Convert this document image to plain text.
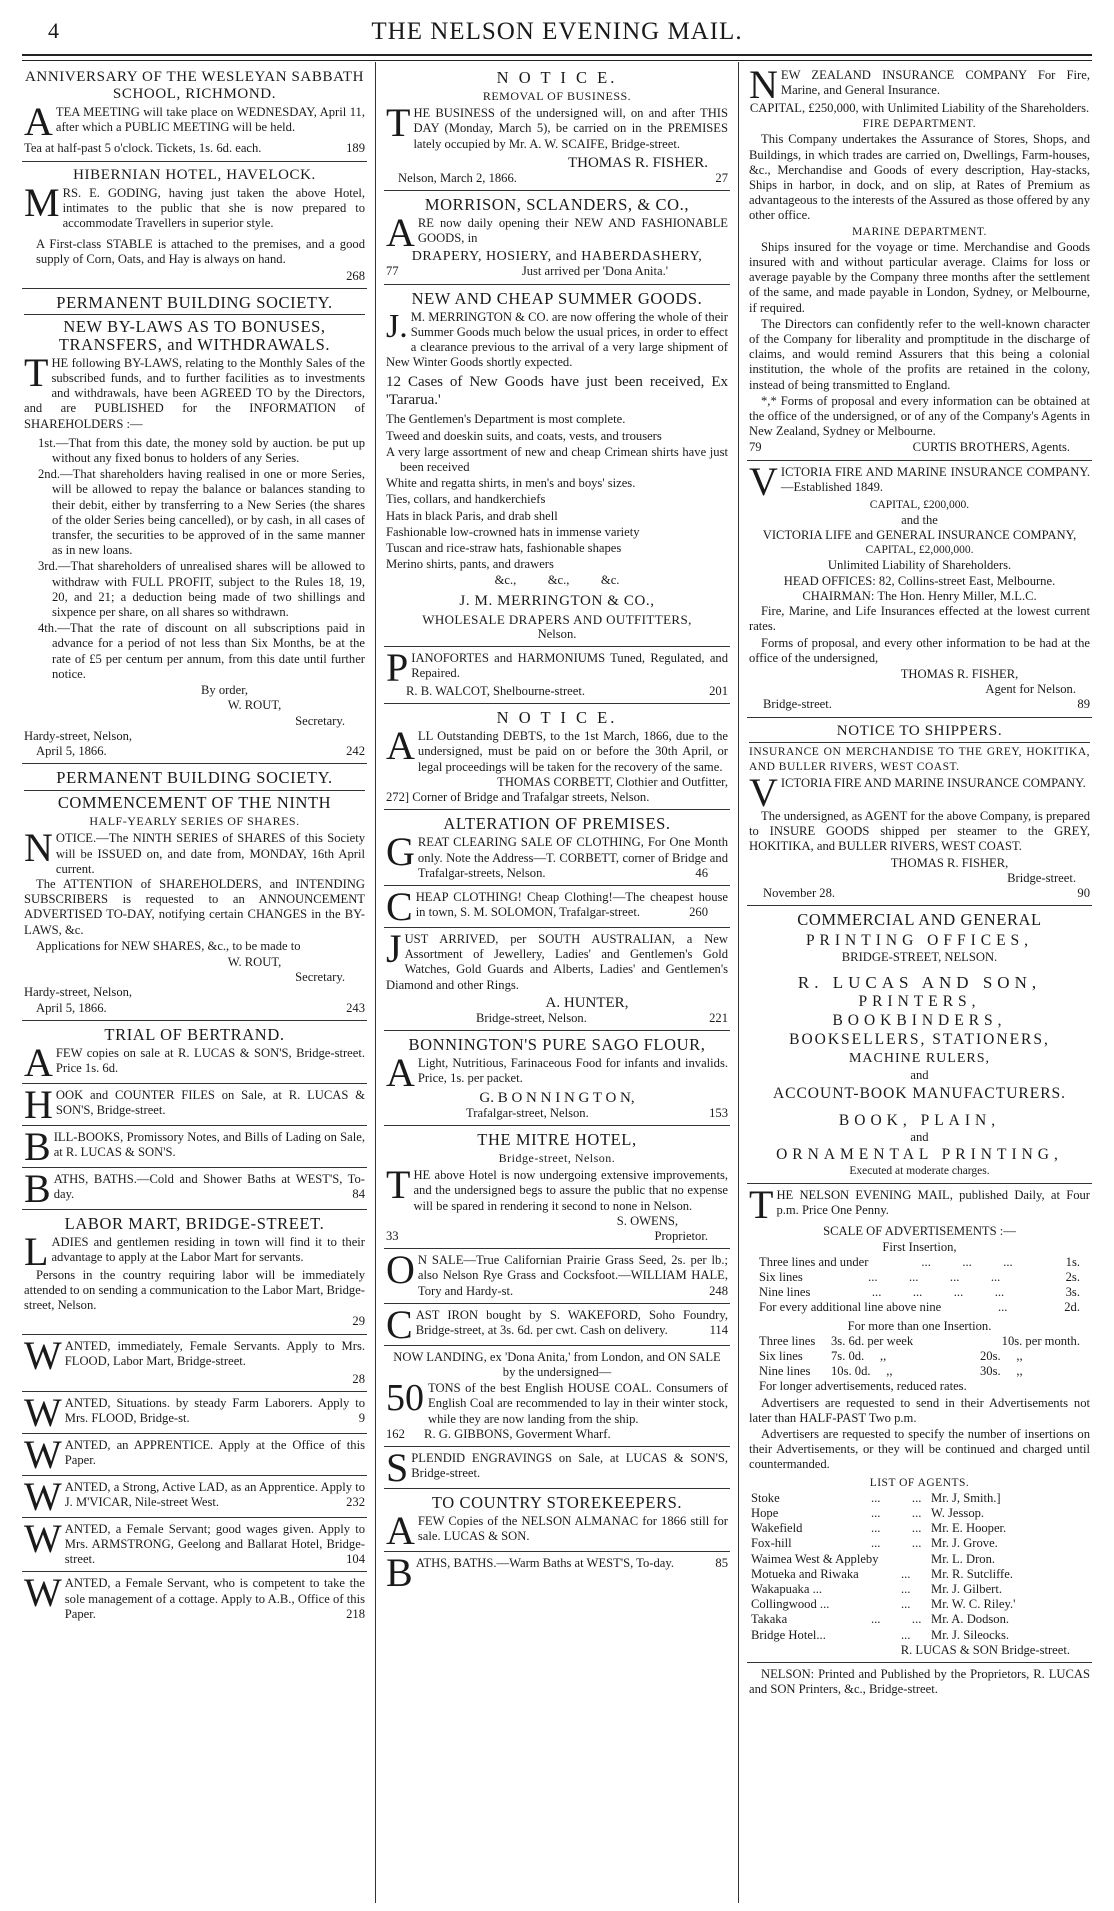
4	THE NELSON EVENING MAIL.
ANNIVERSARY OF THE WESLEYAN SABBATH SCHOOL, RICHMOND.
A TEA MEETING will take place on WEDNESDAY, April 11, after which a PUBLIC MEETING will be held.
Tea at half-past 5 o'clock. Tickets, 1s. 6d. each.	189
HIBERNIAN HOTEL, HAVELOCK.
M RS. E. GODING, having just taken the above Hotel, intimates to the public that she is now prepared to accommodate Travellers in superior style.

A First-class STABLE is attached to the premises, and a good supply of Corn, Oats, and Hay is always on hand.

268
PERMANENT BUILDING SOCIETY.
NEW BY-LAWS AS TO BONUSES, TRANSFERS, and WITHDRAWALS.
T HE following BY-LAWS, relating to the Monthly Sales of the subscribed funds, and to further facilities as to investments and withdrawals, have been AGREED TO by the Directors, and are PUBLISHED for the INFORMATION of SHAREHOLDERS :—

1st.—That from this date, the money sold by auction. be put up without any fixed bonus to holders of any Series.

2nd.—That shareholders having realised in one or more Series, will be allowed to repay the balance or balances standing to their debit, either by transferring to a New Series (the shares of the older Series being cancelled), or by cash, in all cases of transfer, the securities to be approved of in the same manner as in new loans.

3rd.—That shareholders of unrealised shares will be allowed to withdraw with FULL PROFIT, subject to the Rules 18, 19, 20, and 21; a deduction being made of two shillings and sixpence per share, on all shares so withdrawn.

4th.—That the rate of discount on all subscriptions paid in advance for a period of not less than Six Months, be at the rate of £5 per centum per annum, from this date until further notice.

By order,
W. ROUT,
Secretary.
Hardy-street, Nelson,
April 5, 1866.	242
PERMANENT BUILDING SOCIETY.
COMMENCEMENT OF THE NINTH
HALF-YEARLY SERIES OF SHARES.
N OTICE.—The NINTH SERIES of SHARES of this Society will be ISSUED on, and date from, MONDAY, 16th April current.

The ATTENTION of SHAREHOLDERS, and INTENDING SUBSCRIBERS is requested to an ANNOUNCEMENT ADVERTISED TO-DAY, notifying certain CHANGES in the BY-LAWS, &c.

Applications for NEW SHARES, &c., to be made to

W. ROUT,
Secretary.
Hardy-street, Nelson,
April 5, 1866.	243
TRIAL OF BERTRAND.
A FEW copies on sale at R. LUCAS & SON'S, Bridge-street. Price 1s. 6d.
H OOK and COUNTER FILES on Sale, at R. LUCAS & SON'S, Bridge-street.
B ILL-BOOKS, Promissory Notes, and Bills of Lading on Sale, at R. LUCAS & SON'S.
B ATHS, BATHS.—Cold and Shower Baths at WEST'S, To-day.	84
LABOR MART, BRIDGE-STREET.
L ADIES and gentlemen residing in town will find it to their advantage to apply at the Labor Mart for servants.

Persons in the country requiring labor will be immediately attended to on sending a communication to the Labor Mart, Bridge-street, Nelson.

29
W ANTED, immediately, Female Servants. Apply to Mrs. FLOOD, Labor Mart, Bridge-street.
28
W ANTED, Situations. by steady Farm Laborers. Apply to Mrs. FLOOD, Bridge-st.	9
W ANTED, an APPRENTICE. Apply at the Office of this Paper.
W ANTED, a Strong, Active LAD, as an Apprentice. Apply to J. M'VICAR, Nile-street West.	232
W ANTED, a Female Servant; good wages given. Apply to Mrs. ARMSTRONG, Geelong and Ballarat Hotel, Bridge-street.	104
W ANTED, a Female Servant, who is competent to take the sole management of a cottage. Apply to A.B., Office of this Paper.	218
N O T I C E.
REMOVAL OF BUSINESS.
T HE BUSINESS of the undersigned will, on and after THIS DAY (Monday, March 5), be carried on in the PREMISES lately occupied by Mr. A. W. SCAIFE, Bridge-street.
THOMAS R. FISHER.
Nelson, March 2, 1866.	27
MORRISON, SCLANDERS, & CO.,
A RE now daily opening their NEW AND FASHIONABLE GOODS, in
DRAPERY, HOSIERY, and HABERDASHERY,
77	Just arrived per 'Dona Anita.'
NEW AND CHEAP SUMMER GOODS.
J. M. MERRINGTON & CO. are now offering the whole of their Summer Goods much below the usual prices, in order to effect a clearance previous to the arrival of a very large shipment of New Winter Goods shortly expected.

12 Cases of New Goods have just been received, Ex 'Tararua.'

The Gentlemen's Department is most complete.

Tweed and doeskin suits, and coats, vests, and trousers

A very large assortment of new and cheap Crimean shirts have just been received

White and regatta shirts, in men's and boys' sizes.

Ties, collars, and handkerchiefs

Hats in black Paris, and drab shell

Fashionable low-crowned hats in immense variety

Tuscan and rice-straw hats, fashionable shapes

Merino shirts, pants, and drawers

&c.,          &c.,          &c.
J. M. MERRINGTON & CO.,
WHOLESALE DRAPERS AND OUTFITTERS,
Nelson.
P IANOFORTES and HARMONIUMS Tuned, Regulated, and Repaired.
R. B. WALCOT, Shelbourne-street.	201
N O T I C E.
A LL Outstanding DEBTS, to the 1st March, 1866, due to the undersigned, must be paid on or before the 30th April, or legal proceedings will be taken for the recovery of the same.
THOMAS CORBETT, Clothier and Outfitter,
272] Corner of Bridge and Trafalgar streets, Nelson.
ALTERATION OF PREMISES.
G REAT CLEARING SALE OF CLOTHING, For One Month only. Note the Address—T. CORBETT, corner of Bridge and Trafalgar-streets, Nelson.	46
C HEAP CLOTHING! Cheap Clothing!—The cheapest house in town, S. M. SOLOMON, Trafalgar-street.	260
J UST ARRIVED, per SOUTH AUSTRALIAN, a New Assortment of Jewellery, Ladies' and Gentlemen's Gold Watches, Gold Guards and Alberts, Ladies' and Gentlemen's Diamond and other Rings.
A. HUNTER,
Bridge-street, Nelson.	221
BONNINGTON'S PURE SAGO FLOUR,
A Light, Nutritious, Farinaceous Food for infants and invalids. Price, 1s. per packet.
G. B O N N I N G T O N,
Trafalgar-street, Nelson.	153
THE MITRE HOTEL,
Bridge-street, Nelson.
T HE above Hotel is now undergoing extensive improvements, and the undersigned begs to assure the public that no expense will be spared in rendering it second to none in Nelson.
S. OWENS,
33	Proprietor.
O N SALE—True Californian Prairie Grass Seed, 2s. per lb.; also Nelson Rye Grass and Cocksfoot.—WILLIAM HALE, Tory and Hardy-st.	248
C AST IRON bought by S. WAKEFORD, Soho Foundry, Bridge-street, at 3s. 6d. per cwt. Cash on delivery.	114

NOW LANDING, ex 'Dona Anita,' from London, and ON SALE by the undersigned—

50 TONS of the best English HOUSE COAL. Consumers of English Coal are recommended to lay in their winter stock, while they are now landing from the ship.
162 R. G. GIBBONS, Goverment Wharf.
S PLENDID ENGRAVINGS on Sale, at LUCAS & SON'S, Bridge-street.
TO COUNTRY STOREKEEPERS.
A FEW Copies of the NELSON ALMANAC for 1866 still for sale. LUCAS & SON.
B ATHS, BATHS.—Warm Baths at WEST'S, To-day.	85
N EW ZEALAND INSURANCE COMPANY For Fire, Marine, and General Insurance.

CAPITAL, £250,000, with Unlimited Liability of the Shareholders.

FIRE DEPARTMENT.

This Company undertakes the Assurance of Stores, Shops, and Buildings, in which trades are carried on, Dwellings, Farm-houses, &c., Merchandise and Goods of every description, Hay-stacks, Ships in harbor, in dock, and on slip, at Rates of Premium as advantageous to the interests of the Assured as those offered by any other office.

MARINE DEPARTMENT.

Ships insured for the voyage or time. Merchandise and Goods insured with and without particular average. Claims for loss or average payable by the Company three months after the settlement of the same, and made payable in London, Sydney, or Melbourne, if required.

The Directors can confidently refer to the well-known character of the Company for liberality and promptitude in the discharge of claims, and would remind Assurers that this being a colonial institution, the whole of the profits are retained in the colony, instead of being transmitted to England.

*,* Forms of proposal and every information can be obtained at the office of the undersigned, or of any of the Company's Agents in New Zealand, Sydney or Melbourne.

79	CURTIS BROTHERS, Agents.
V ICTORIA FIRE AND MARINE INSURANCE COMPANY.—Established 1849.
CAPITAL, £200,000.
and the
VICTORIA LIFE and GENERAL INSURANCE COMPANY,
CAPITAL, £2,000,000.
Unlimited Liability of Shareholders.
HEAD OFFICES: 82, Collins-street East, Melbourne.
CHAIRMAN: The Hon. Henry Miller, M.L.C.

Fire, Marine, and Life Insurances effected at the lowest current rates.

Forms of proposal, and every other information to be had at the office of the undersigned,

THOMAS R. FISHER,
Agent for Nelson.
Bridge-street.	89
NOTICE TO SHIPPERS.

INSURANCE ON MERCHANDISE TO THE GREY, HOKITIKA, AND BULLER RIVERS, WEST COAST.

V ICTORIA FIRE AND MARINE INSURANCE COMPANY.

The undersigned, as AGENT for the above Company, is prepared to INSURE GOODS shipped per steamer to the GREY, HOKITIKA, and BULLER RIVERS, WEST COAST.

THOMAS R. FISHER,
Bridge-street.
November 28.	90
COMMERCIAL AND GENERAL
PRINTING OFFICES,
BRIDGE-STREET, NELSON.
R. LUCAS AND SON,
PRINTERS,
BOOKBINDERS,
BOOKSELLERS, STATIONERS,
MACHINE RULERS,
and
ACCOUNT-BOOK MANUFACTURERS.
BOOK, PLAIN,
and
ORNAMENTAL PRINTING,
Executed at moderate charges.
T HE NELSON EVENING MAIL, published Daily, at Four p.m. Price One Penny.
SCALE OF ADVERTISEMENTS :—
First Insertion,
Three lines and under	...          ...          ...	1s.
Six lines	...          ...          ...          ...	2s.
Nine lines	...          ...          ...          ...	3s.
For every additional line above nine	...	2d.
For more than one Insertion.
Three lines	3s. 6d. per week	10s. per month.
Six lines	7s. 0d.     ,,	20s.     ,,
Nine lines	10s. 0d.     ,,	30s.     ,,

For longer advertisements, reduced rates.

Advertisers are requested to send in their Advertisements not later than HALF-PAST Two p.m.

Advertisers are requested to specify the number of insertions on their Advertisements, or they will be continued and charged until countermanded.

LIST OF AGENTS.
Stoke	...          ... Mr. J, Smith.]
Hope	...          ... W. Jessop.
Wakefield	...          ... Mr. E. Hooper.
Fox-hill	...          ... Mr. J. Grove.
Waimea West & Appleby	Mr. L. Dron.
Motueka and Riwaka	...	Mr. R. Sutcliffe.
Wakapuaka ...	...	Mr. J. Gilbert.
Collingwood ...	...	Mr. W. C. Riley.'
Takaka	...          ... Mr. A. Dodson.
Bridge Hotel...	...	Mr. J. Sileocks.
R. LUCAS & SON Bridge-street.

NELSON: Printed and Published by the Proprietors, R. LUCAS and SON Printers, &c., Bridge-street.
